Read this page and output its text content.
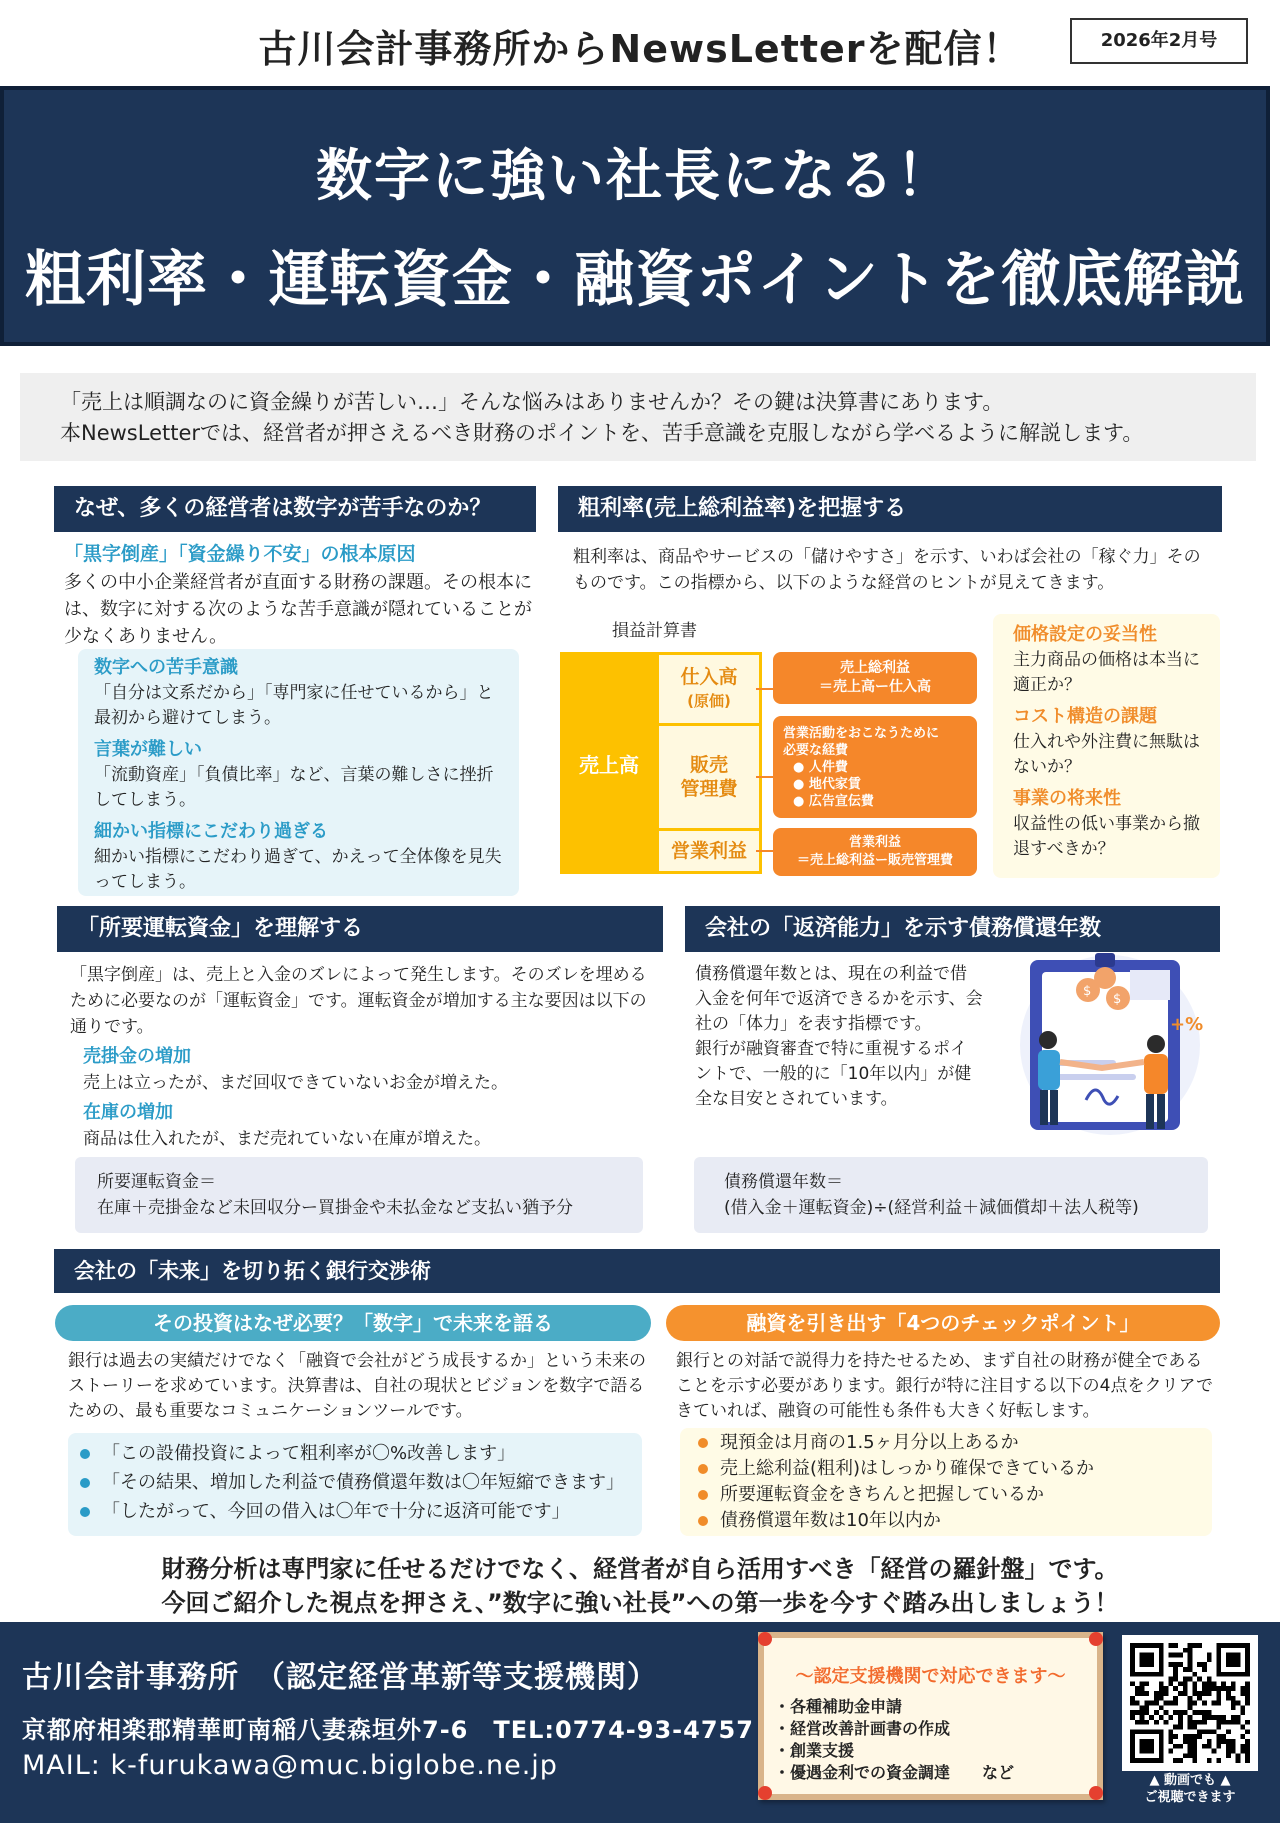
古川会計事務所からNewsLetterを配信！	2026年2月号
数字に強い社長になる！
粗利率・運転資金・融資ポイントを徹底解説
「売上は順調なのに資金繰りが苦しい…」そんな悩みはありませんか？その鍵は決算書にあります。
本NewsLetterでは、経営者が押さえるべき財務のポイントを、苦手意識を克服しながら学べるように解説します。
なぜ、多くの経営者は数字が苦手なのか？
「黒字倒産」「資金繰り不安」の根本原因
多くの中小企業経営者が直面する財務の課題。その根本には、数字に対する次のような苦手意識が隠れていることが少なくありません。
数字への苦手意識
「自分は文系だから」「専門家に任せているから」と最初から避けてしまう。
言葉が難しい
「流動資産」「負債比率」など、言葉の難しさに挫折してしまう。
細かい指標にこだわり過ぎる
細かい指標にこだわり過ぎて、かえって全体像を見失ってしまう。
粗利率(売上総利益率)を把握する
粗利率は、商品やサービスの「儲けやすさ」を示す、いわば会社の「稼ぐ力」そのものです。この指標から、以下のような経営のヒントが見えてきます。
損益計算書
売上高
仕入高
(原価)
販売
管理費
営業利益
売上総利益
＝売上高ー仕入高
営業活動をおこなうために
必要な経費
● 人件費
● 地代家賃
● 広告宣伝費
営業利益
＝売上総利益ー販売管理費
価格設定の妥当性
主力商品の価格は本当に適正か？
コスト構造の課題
仕入れや外注費に無駄はないか？
事業の将来性
収益性の低い事業から撤退すべきか？
「所要運転資金」を理解する
「黒字倒産」は、売上と入金のズレによって発生します。そのズレを埋めるために必要なのが「運転資金」です。運転資金が増加する主な要因は以下の通りです。
売掛金の増加
売上は立ったが、まだ回収できていないお金が増えた。
在庫の増加
商品は仕入れたが、まだ売れていない在庫が増えた。
所要運転資金＝
在庫＋売掛金など未回収分ー買掛金や未払金など支払い猶予分
会社の「返済能力」を示す債務償還年数
債務償還年数とは、現在の利益で借入金を何年で返済できるかを示す、会社の「体力」を表す指標です。
銀行が融資審査で特に重視するポイントで、一般的に「10年以内」が健全な目安とされています。
$
$
+%
債務償還年数＝
(借入金＋運転資金)÷(経営利益＋減価償却＋法人税等)
会社の「未来」を切り拓く銀行交渉術
その投資はなぜ必要？「数字」で未来を語る
銀行は過去の実績だけでなく「融資で会社がどう成長するか」という未来のストーリーを求めています。決算書は、自社の現状とビジョンを数字で語るための、最も重要なコミュニケーションツールです。
「この設備投資によって粗利率が〇%改善します」
「その結果、増加した利益で債務償還年数は〇年短縮できます」
「したがって、今回の借入は〇年で十分に返済可能です」
融資を引き出す「4つのチェックポイント」
銀行との対話で説得力を持たせるため、まず自社の財務が健全であることを示す必要があります。銀行が特に注目する以下の4点をクリアできていれば、融資の可能性も条件も大きく好転します。
現預金は月商の1.5ヶ月分以上あるか
売上総利益(粗利)はしっかり確保できているか
所要運転資金をきちんと把握しているか
債務償還年数は10年以内か
財務分析は専門家に任せるだけでなく、経営者が自ら活用すべき「経営の羅針盤」です。
今回ご紹介した視点を押さえ、”数字に強い社長”への第一歩を今すぐ踏み出しましょう！
古川会計事務所　（認定経営革新等支援機関）
京都府相楽郡精華町南稲八妻森垣外7-6　TEL:0774-93-4757
MAIL: k-furukawa@muc.biglobe.ne.jp
～認定支援機関で対応できます～
・各種補助金申請
・経営改善計画書の作成
・創業支援
・優遇金利での資金調達　　など	▲ 動画でも ▲
ご視聴できます
